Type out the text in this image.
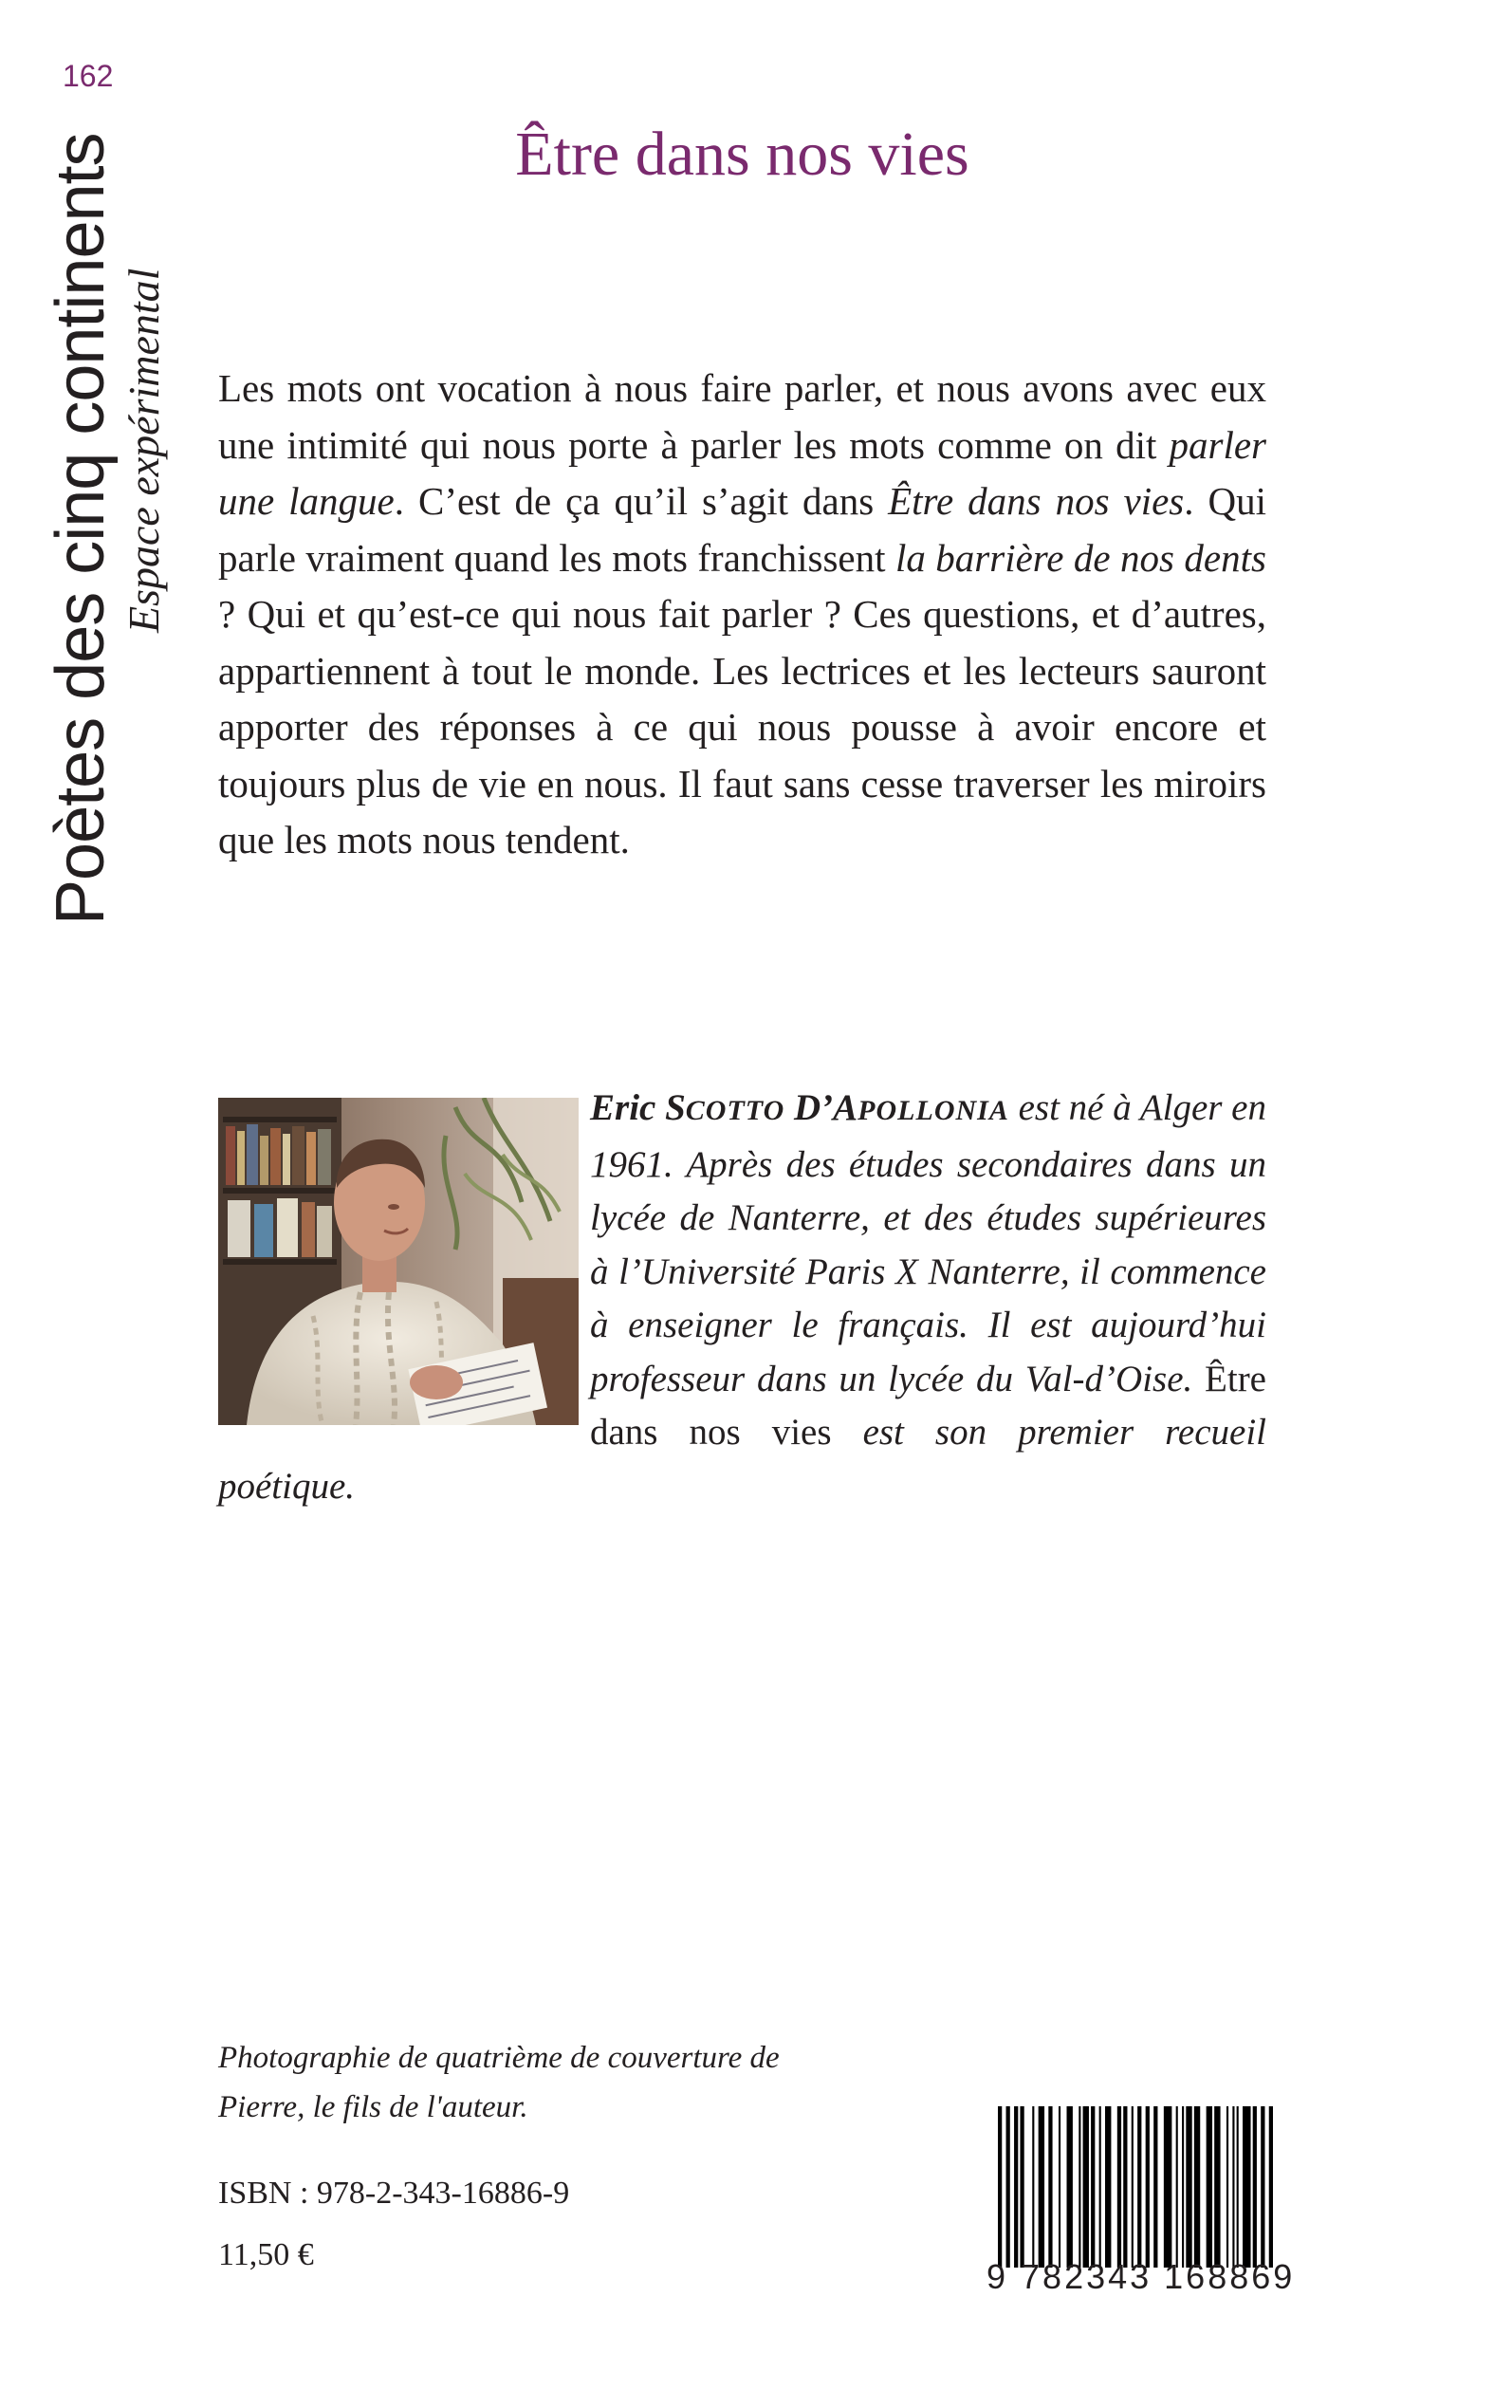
162
Poètes des cinq continents Espace expérimental
Être dans nos vies

Les mots ont vocation à nous faire parler, et nous avons avec eux une intimité qui nous porte à parler les mots comme on dit parler une langue. C’est de ça qu’il s’agit dans Être dans nos vies. Qui parle vraiment quand les mots franchissent la barrière de nos dents ? Qui et qu’est-ce qui nous fait parler ? Ces questions, et d’autres, appartiennent à tout le monde. Les lectrices et les lecteurs sauront apporter des réponses à ce qui nous pousse à avoir encore et toujours plus de vie en nous. Il faut sans cesse traverser les miroirs que les mots nous tendent.

Eric SCOTTO D’APOLLONIA est né à Alger en 1961. Après des études secondaires dans un lycée de Nanterre, et des études supérieures à l’Université Paris X Nanterre, il commence à enseigner le français. Il est aujourd’hui professeur dans un lycée du Val-d’Oise. Être dans nos vies est son premier recueil poétique.

Photographie de quatrième de couverture de Pierre, le fils de l'auteur.

ISBN : 978-2-343-16886-9
11,50 €
9 782343 168869
